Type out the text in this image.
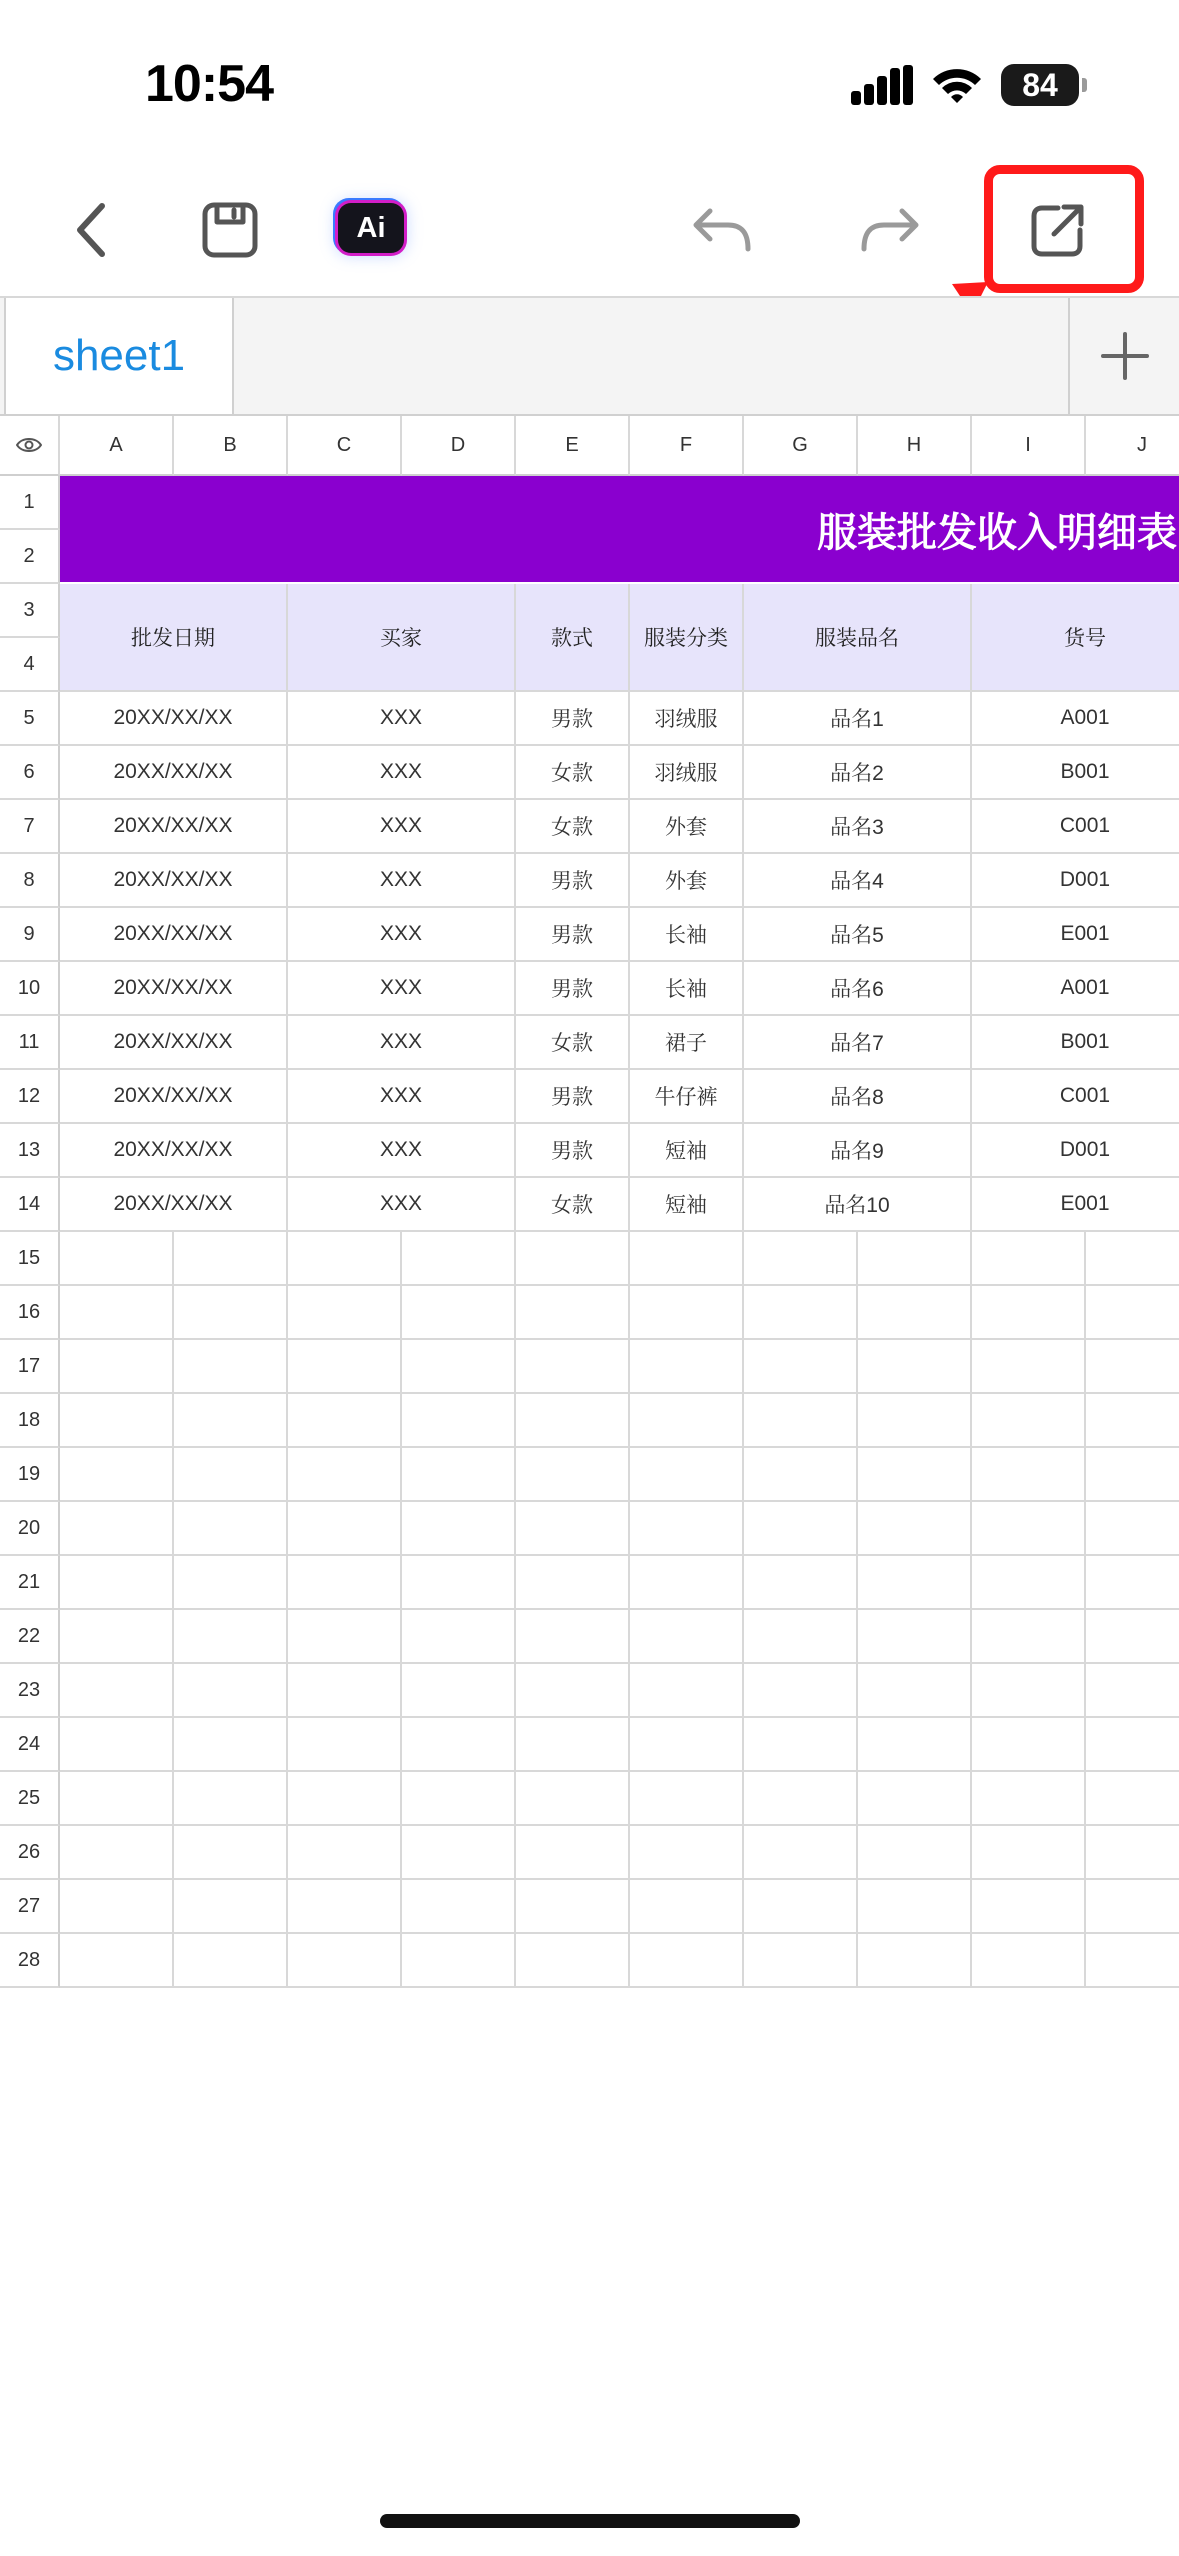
10:54	84
Ai
sheet1
A	B	C	D	E	F	G	H	I	J
1
2
3
4
5
6
7
8
9
10
11
12
13
14
15
16
17
18
19
20
21
22
23
24
25
26
27
28
服装批发收入明细表
批发日期	买家	款式	服装分类	服装品名	货号
20XX/XX/XX	XXX	男款	羽绒服	品名1	A001
20XX/XX/XX	XXX	女款	羽绒服	品名2	B001
20XX/XX/XX	XXX	女款	外套	品名3	C001
20XX/XX/XX	XXX	男款	外套	品名4	D001
20XX/XX/XX	XXX	男款	长袖	品名5	E001
20XX/XX/XX	XXX	男款	长袖	品名6	A001
20XX/XX/XX	XXX	女款	裙子	品名7	B001
20XX/XX/XX	XXX	男款	牛仔裤	品名8	C001
20XX/XX/XX	XXX	男款	短袖	品名9	D001
20XX/XX/XX	XXX	女款	短袖	品名10	E001
